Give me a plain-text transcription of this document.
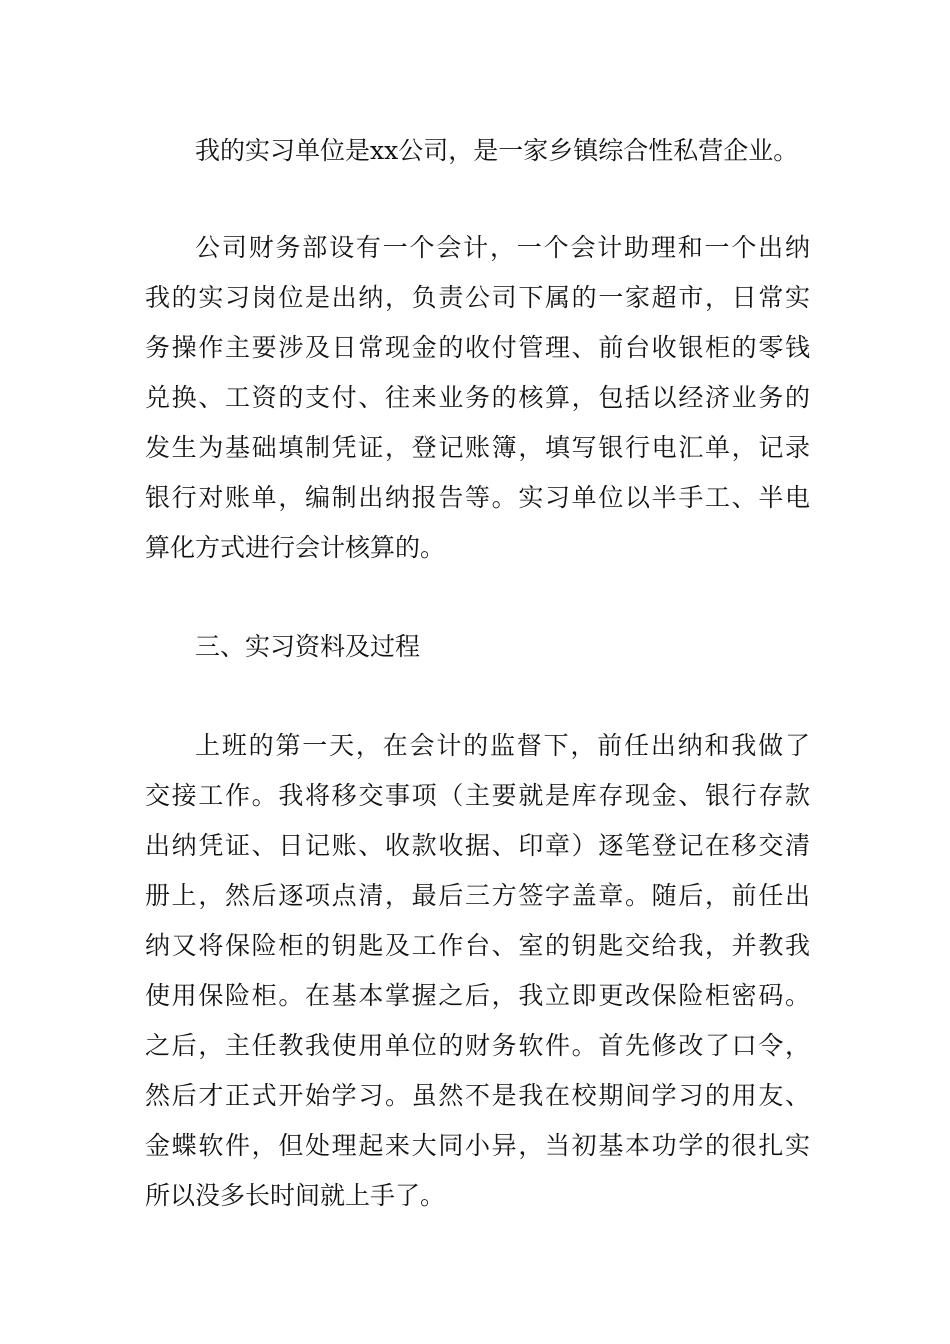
我的实习单位是xx公司，是一家乡镇综合性私营企业。
公司财务部设有一个会计，一个会计助理和一个出纳
我的实习岗位是出纳，负责公司下属的一家超市，日常实
务操作主要涉及日常现金的收付管理、前台收银柜的零钱
兑换、工资的支付、往来业务的核算，包括以经济业务的
发生为基础填制凭证，登记账簿，填写银行电汇单，记录
银行对账单，编制出纳报告等。实习单位以半手工、半电
算化方式进行会计核算的。
三、实习资料及过程
上班的第一天，在会计的监督下，前任出纳和我做了
交接工作。我将移交事项（主要就是库存现金、银行存款
出纳凭证、日记账、收款收据、印章）逐笔登记在移交清
册上，然后逐项点清，最后三方签字盖章。随后，前任出
纳又将保险柜的钥匙及工作台、室的钥匙交给我，并教我
使用保险柜。在基本掌握之后，我立即更改保险柜密码。
之后，主任教我使用单位的财务软件。首先修改了口令，
然后才正式开始学习。虽然不是我在校期间学习的用友、
金蝶软件，但处理起来大同小异，当初基本功学的很扎实
所以没多长时间就上手了。
